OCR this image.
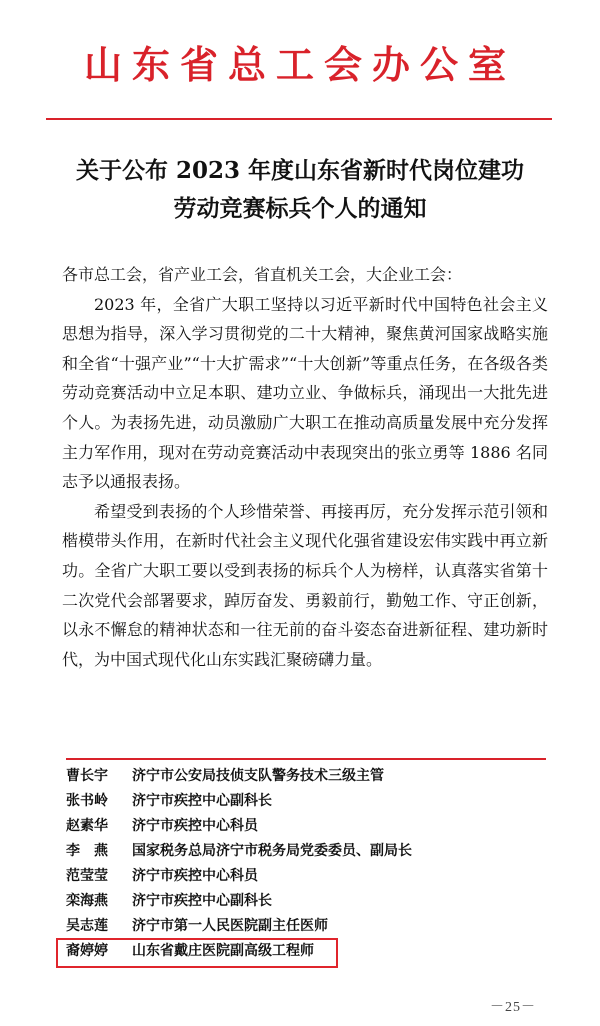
山东省总工会办公室
关于公布 2023 年度山东省新时代岗位建功
劳动竞赛标兵个人的通知

各市总工会，省产业工会，省直机关工会，大企业工会：

2023 年，全省广大职工坚持以习近平新时代中国特色社会主义思想为指导，深入学习贯彻党的二十大精神，聚焦黄河国家战略实施和全省“十强产业”“十大扩需求”“十大创新”等重点任务，在各级各类劳动竞赛活动中立足本职、建功立业、争做标兵，涌现出一大批先进个人。为表扬先进，动员激励广大职工在推动高质量发展中充分发挥主力军作用，现对在劳动竞赛活动中表现突出的张立勇等 1886 名同志予以通报表扬。

希望受到表扬的个人珍惜荣誉、再接再厉，充分发挥示范引领和楷模带头作用，在新时代社会主义现代化强省建设宏伟实践中再立新功。全省广大职工要以受到表扬的标兵个人为榜样，认真落实省第十二次党代会部署要求，踔厉奋发、勇毅前行，勤勉工作、守正创新，以永不懈怠的精神状态和一往无前的奋斗姿态奋进新征程、建功新时代，为中国式现代化山东实践汇聚磅礴力量。

曹长宇	济宁市公安局技侦支队警务技术三级主管
张书岭	济宁市疾控中心副科长
赵素华	济宁市疾控中心科员
李　燕	国家税务总局济宁市税务局党委委员、副局长
范莹莹	济宁市疾控中心科员
栾海燕	济宁市疾控中心副科长
吴志莲	济宁市第一人民医院副主任医师
裔婷婷	山东省戴庄医院副高级工程师
－25－
